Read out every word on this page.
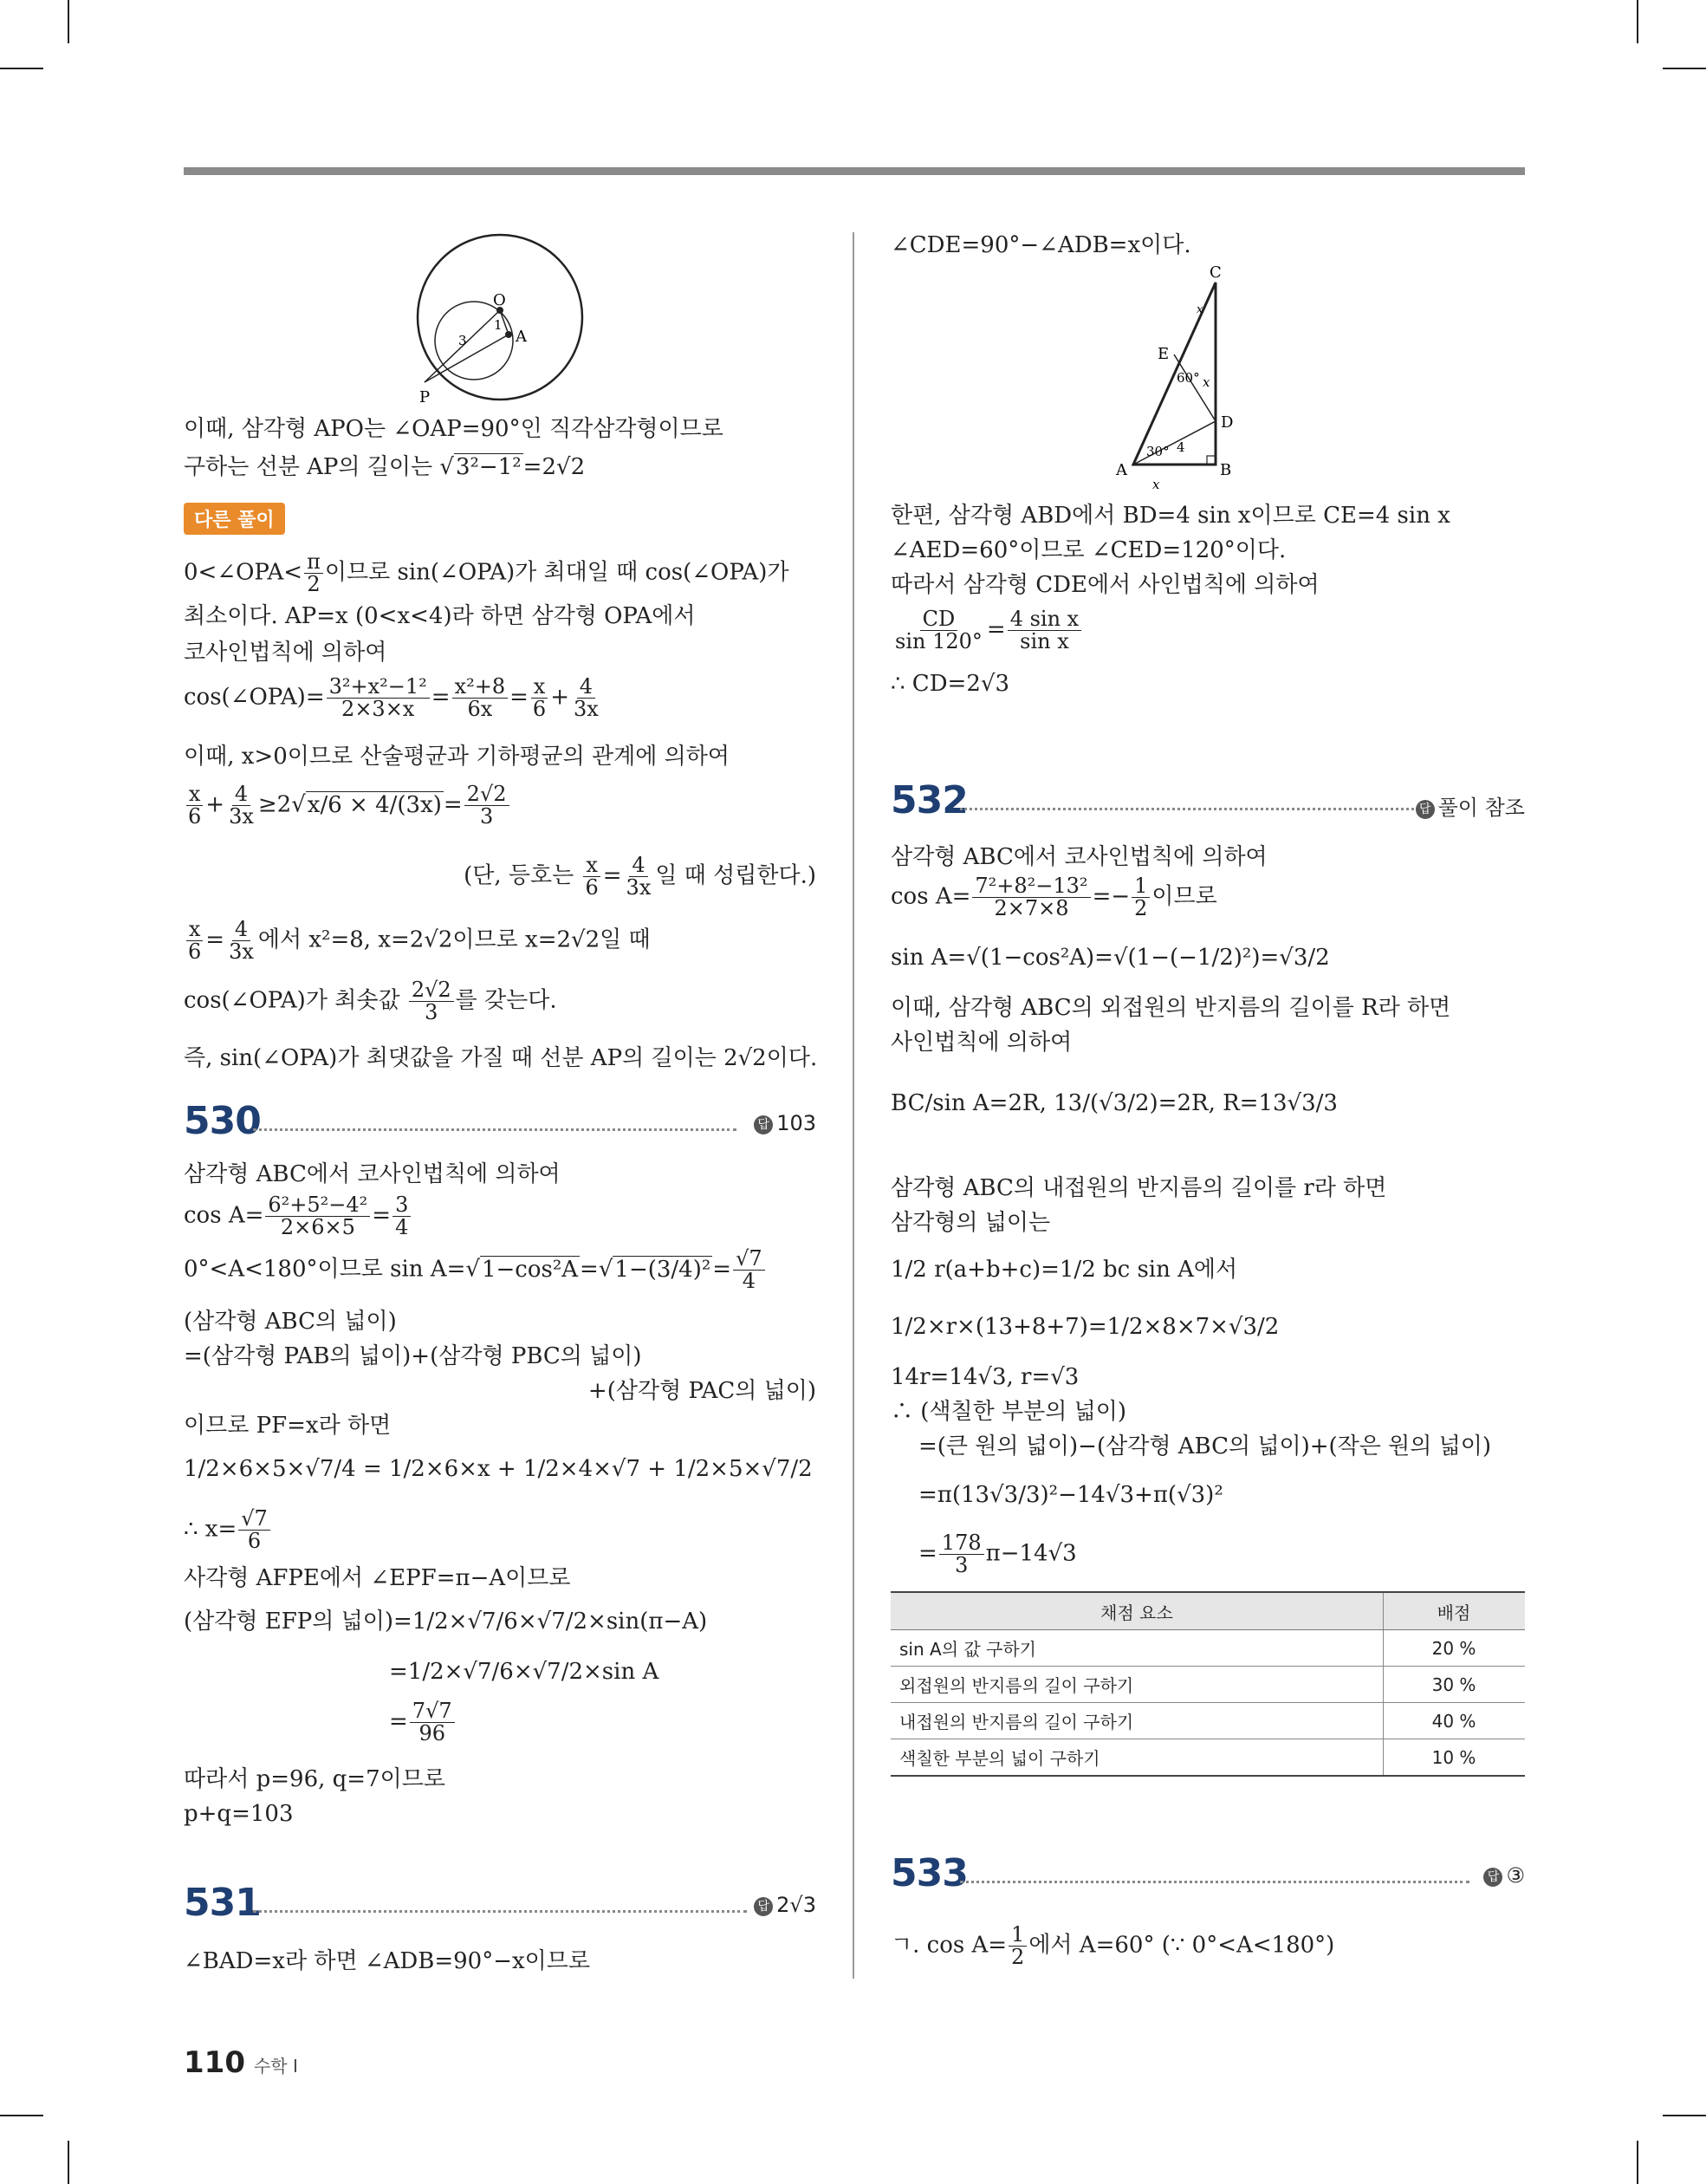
O
A
P
1
3
이때, 삼각형 APO는 ∠OAP=90°인 직각삼각형이므로
구하는 선분 AP의 길이는 √3²−1²=2√2
다른 풀이
0<∠OPA< $\frac{\pi}{2}$ 이므로 sin(∠OPA)가 최대일 때 cos(∠OPA)가
최소이다. AP=x (0<x<4)라 하면 삼각형 OPA에서
코사인법칙에 의하여
cos(∠OPA)= $\frac{\text{3²+x²−1²}}{2\times 3\times x} = \frac{\text{x²+8}}{6x} = \frac{x}{6} + \frac{4}{3x}$
이때, x>0이므로 산술평균과 기하평균의 관계에 의하여
$\frac{x}{6} + \frac{4}{3x} \ge 2√x/6 \times 4/(3x)= \frac{2√2}{3}$
(단, 등호는 $\frac{x}{6} = \frac{4}{3x}$ 일 때 성립한다.)
$\frac{x}{6} = \frac{4}{3x}$ 에서 x²=8, x=2√2이므로 x=2√2일 때
cos(∠OPA)가 최솟값 $\frac{2√2}{3}$ 를 갖는다.
즉, sin(∠OPA)가 최댓값을 가질 때 선분 AP의 길이는 2√2이다.
530	답 103
삼각형 ABC에서 코사인법칙에 의하여
$\cos A= \frac{\text{6²+5²−4²}}{2\times 6\times 5} = \frac{3}{4}$
0°<A<180°이므로 $\sin A=√1-\cos^2A=√1-(3/4)^2= \frac{√7}{4}$
(삼각형 ABC의 넓이)
=(삼각형 PAB의 넓이)+(삼각형 PBC의 넓이)
+(삼각형 PAC의 넓이)
이므로 PF=x라 하면
1/2×6×5×√7/4 = 1/2×6×x + 1/2×4×√7 + 1/2×5×√7/2
∴ $x= \frac{√7}{6}$
사각형 AFPE에서 ∠EPF=π−A이므로
(삼각형 EFP의 넓이)=1/2×√7/6×√7/2×sin(π−A)
=1/2×√7/6×√7/2×sin A
= $\frac{7√7}{96}$
따라서 p=96, q=7이므로
p+q=103
531	답 2√3
∠BAD=x라 하면 ∠ADB=90°−x이므로
∠CDE=90°−∠ADB=x이다.
C
E
D
A	B
60°
30° 4
x
x
x
한편, 삼각형 ABD에서 BD=4 sin x이므로 CE=4 sin x
∠AED=60°이므로 ∠CED=120°이다.
따라서 삼각형 CDE에서 사인법칙에 의하여
$\frac{CD}{\sin 120^\circ} = \frac{\text{4 sin x}}{\text{sin x}}$
∴ CD=2√3
532	답 풀이 참조
삼각형 ABC에서 코사인법칙에 의하여
$\cos A= \frac{\text{7²+8²−13²}}{2\times 7\times 8} =- \frac{1}{2}$ 이므로
sin A=√(1−cos²A)=√(1−(−1/2)²)=√3/2
이때, 삼각형 ABC의 외접원의 반지름의 길이를 R라 하면
사인법칙에 의하여
BC/sin A=2R, 13/(√3/2)=2R, R=13√3/3
삼각형 ABC의 내접원의 반지름의 길이를 r라 하면
삼각형의 넓이는
1/2 r(a+b+c)=1/2 bc sin A에서
1/2×r×(13+8+7)=1/2×8×7×√3/2
14r=14√3, r=√3
∴ (색칠한 부분의 넓이)
=(큰 원의 넓이)−(삼각형 ABC의 넓이)+(작은 원의 넓이)
=π(13√3/3)²−14√3+π(√3)²
= $\frac{178}{3} \pi-14√3$
채점 요소	배점
sin A의 값 구하기	20 %
외접원의 반지름의 길이 구하기	30 %
내접원의 반지름의 길이 구하기	40 %
색칠한 부분의 넓이 구하기	10 %
533	답 ③
ㄱ. $\cos A= \frac{1}{2}$ 에서 A=60° (∵ 0°<A<180°)
110 수학 I
